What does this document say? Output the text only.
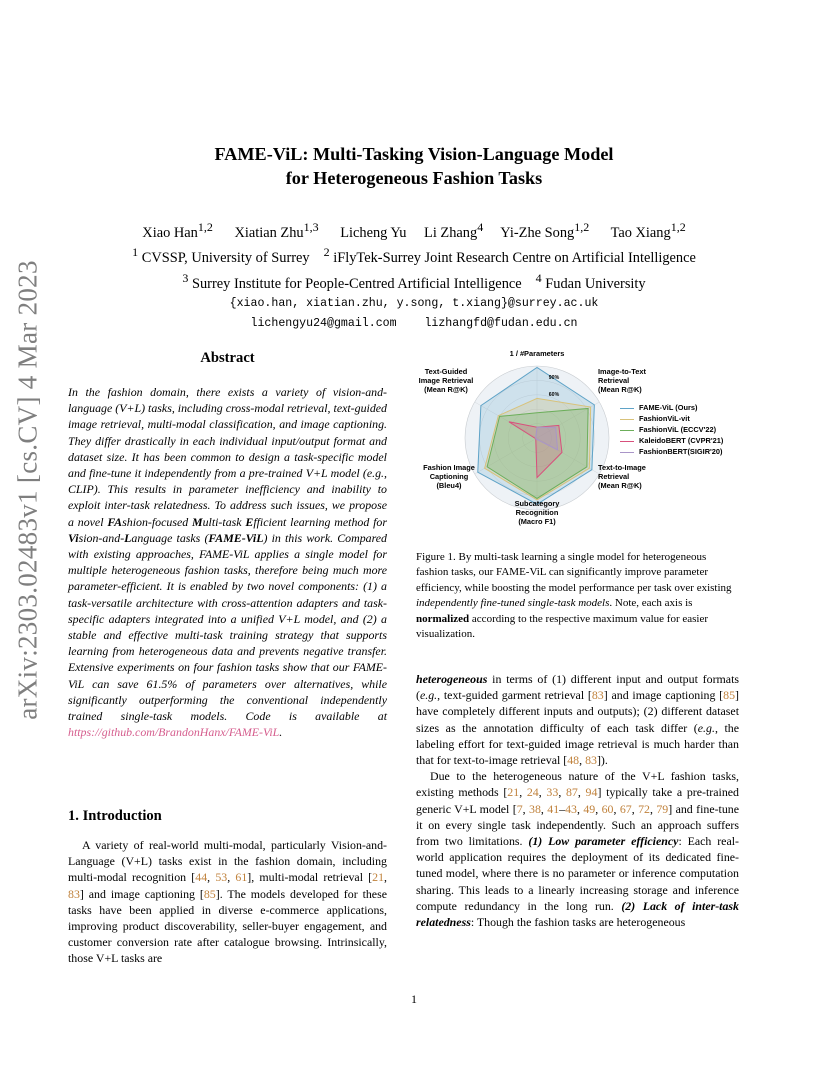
arXiv:2303.02483v1 [cs.CV] 4 Mar 2023
FAME-ViL: Multi-Tasking Vision-Language Model
for Heterogeneous Fashion Tasks
Xiao Han$^{1,2}$ Xiatian Zhu$^{1,3}$ Licheng Yu Li Zhang$^4$ Yi-Zhe Song$^{1,2}$ Tao Xiang$^{1,2}$
$^1$ CVSSP, University of Surrey $^2$ iFlyTek-Surrey Joint Research Centre on Artificial Intelligence
$^3$ Surrey Institute for People-Centred Artificial Intelligence $^4$ Fudan University
{xiao.han, xiatian.zhu, y.song, t.xiang}@surrey.ac.uk
lichengyu24@gmail.com lizhangfd@fudan.edu.cn
Abstract
In the fashion domain, there exists a variety of vision-and-language (V+L) tasks, including cross-modal retrieval, text-guided image retrieval, multi-modal classification, and image captioning. They differ drastically in each individual input/output format and dataset size. It has been common to design a task-specific model and fine-tune it independently from a pre-trained V+L model (e.g., CLIP). This results in parameter inefficiency and inability to exploit inter-task relatedness. To address such issues, we propose a novel FAshion-focused Multi-task Efficient learning method for Vision-and-Language tasks (FAME-ViL) in this work. Compared with existing approaches, FAME-ViL applies a single model for multiple heterogeneous fashion tasks, therefore being much more parameter-efficient. It is enabled by two novel components: (1) a task-versatile architecture with cross-attention adapters and task-specific adapters integrated into a unified V+L model, and (2) a stable and effective multi-task training strategy that supports learning from heterogeneous data and prevents negative transfer. Extensive experiments on four fashion tasks show that our FAME-ViL can save 61.5% of parameters over alternatives, while significantly outperforming the conventional independently trained single-task models. Code is available at https://github.com/BrandonHanx/FAME-ViL.
1. Introduction
A variety of real-world multi-modal, particularly Vision-and-Language (V+L) tasks exist in the fashion domain, including multi-modal recognition [44, 53, 61], multi-modal retrieval [21, 83] and image captioning [85]. The models developed for these tasks have been applied in diverse e-commerce applications, improving product discoverability, seller-buyer engagement, and customer conversion rate after catalogue browsing. Intrinsically, those V+L tasks are
1 / #Parameters
90%
60%
Text-Guided
Image Retrieval
(Mean R@K)
Image-to-Text
Retrieval
(Mean R@K)
Text-to-Image
Retrieval
(Mean R@K)
Subcategory
Recognition
(Macro F1)
Fashion Image
Captioning
(Bleu4)
FAME-ViL (Ours)
FashionViL-vit
FashionViL (ECCV'22)
KaleidoBERT (CVPR'21)
FashionBERT(SIGIR'20)
Figure 1. By multi-task learning a single model for heterogeneous fashion tasks, our FAME-ViL can significantly improve parameter efficiency, while boosting the model performance per task over existing independently fine-tuned single-task models. Note, each axis is normalized according to the respective maximum value for easier visualization.

heterogeneous in terms of (1) different input and output formats (e.g., text-guided garment retrieval [83] and image captioning [85] have completely different inputs and outputs); (2) different dataset sizes as the annotation difficulty of each task differ (e.g., the labeling effort for text-guided image retrieval is much harder than that for text-to-image retrieval [48, 83]).

Due to the heterogeneous nature of the V+L fashion tasks, existing methods [21, 24, 33, 87, 94] typically take a pre-trained generic V+L model [7, 38, 41–43, 49, 60, 67, 72, 79] and fine-tune it on every single task independently. Such an approach suffers from two limitations. (1) Low parameter efficiency: Each real-world application requires the deployment of its dedicated fine-tuned model, where there is no parameter or inference computation sharing. This leads to a linearly increasing storage and inference compute redundancy in the long run. (2) Lack of inter-task relatedness: Though the fashion tasks are heterogeneous

1
